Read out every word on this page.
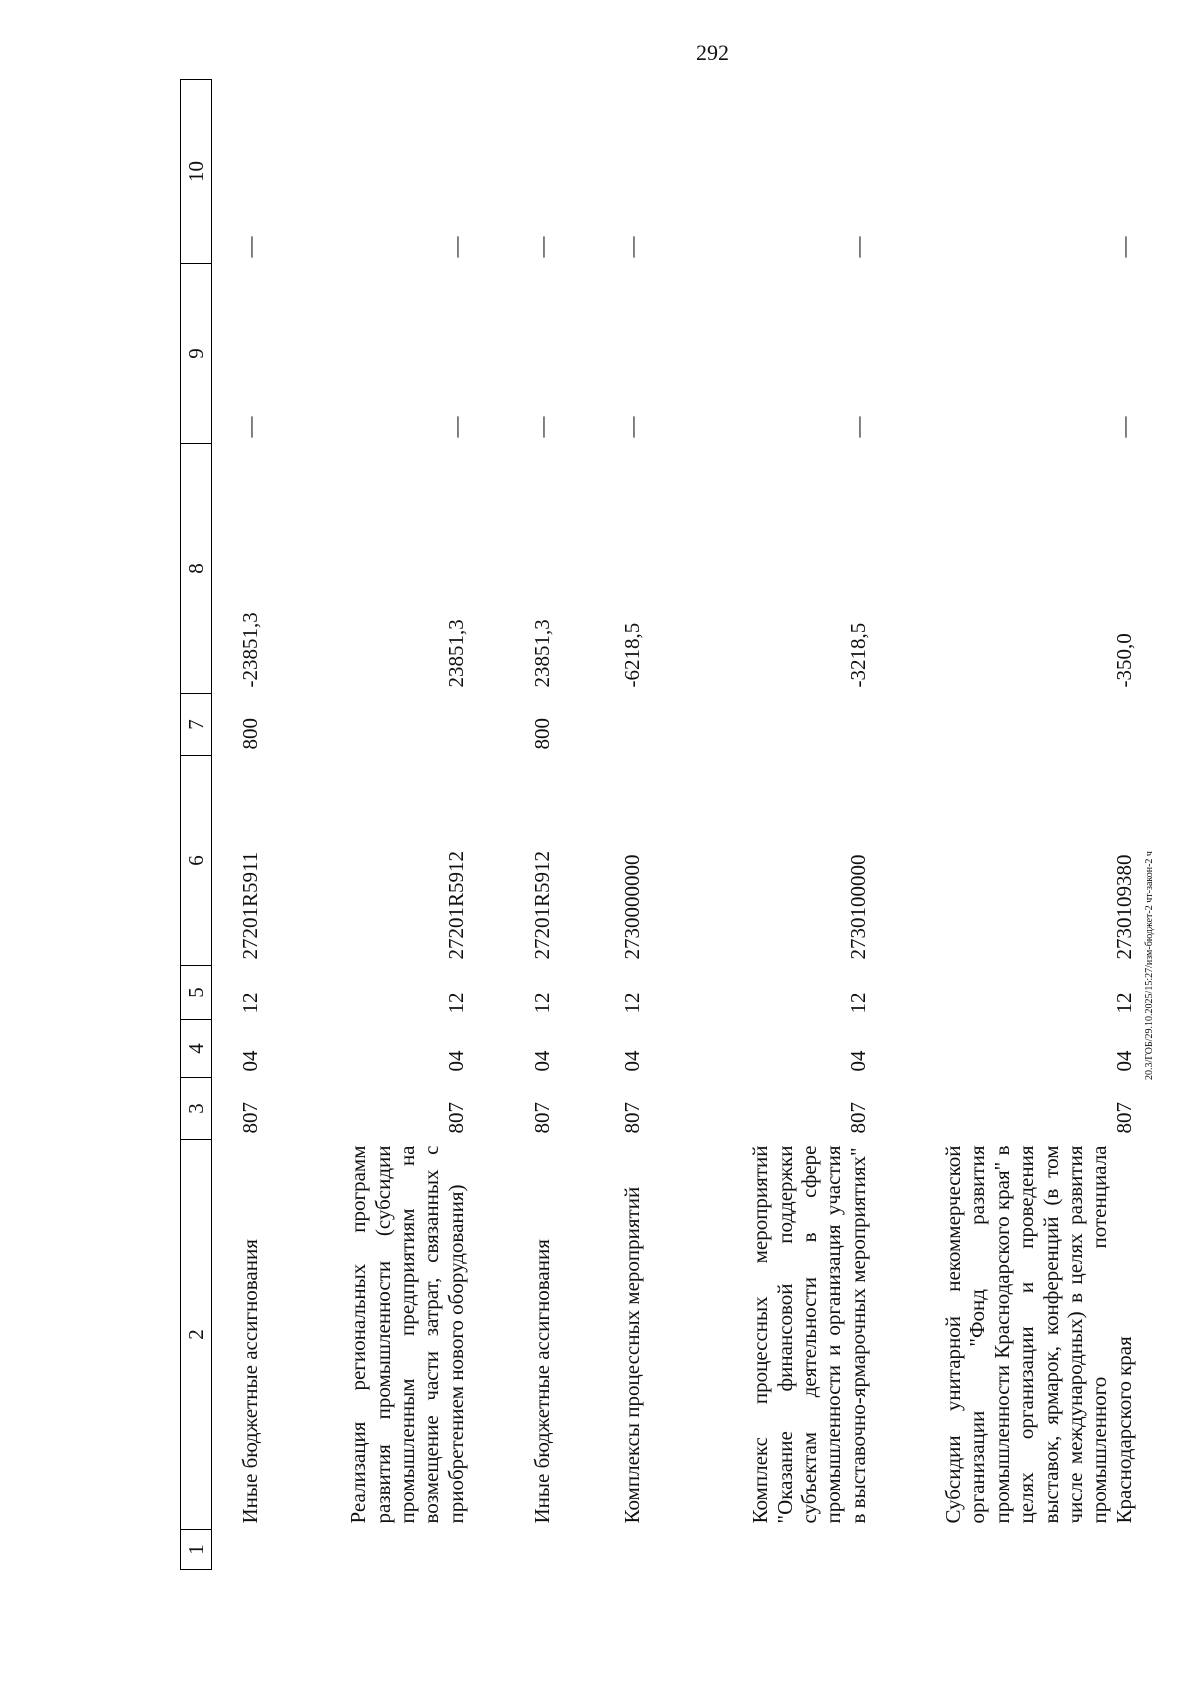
292
20.3/ГОБ/29.10.2025/15:27/изм-бюджет-2 чт-закон-2 ч
1	2	3	4	5	6	7	8	9	10
	Иные бюджетные ассигнования	807	04	12	27201R5911	800	-23851,3	—	—
	Реализация региональных программ развития промышленности (субсидии промышленным предприятиям на возмещение части затрат, связанных с приобретением нового оборудования)	807	04	12	27201R5912		23851,3	—	—
	Иные бюджетные ассигнования	807	04	12	27201R5912	800	23851,3	—	—
	Комплексы процессных мероприятий	807	04	12	2730000000		-6218,5	—	—
	Комплекс процессных мероприятий "Оказание финансовой поддержки субъектам деятельности в сфере промышленности и организация участия в выставочно-ярмарочных мероприятиях"	807	04	12	2730100000		-3218,5	—	—
	Субсидии унитарной некоммерческой организации "Фонд развития промышленности Краснодарского края" в целях организации и проведения выставок, ярмарок, конференций (в том числе международных) в целях развития промышленного потенциала Краснодарского края	807	04	12	2730109380		-350,0	—	—
